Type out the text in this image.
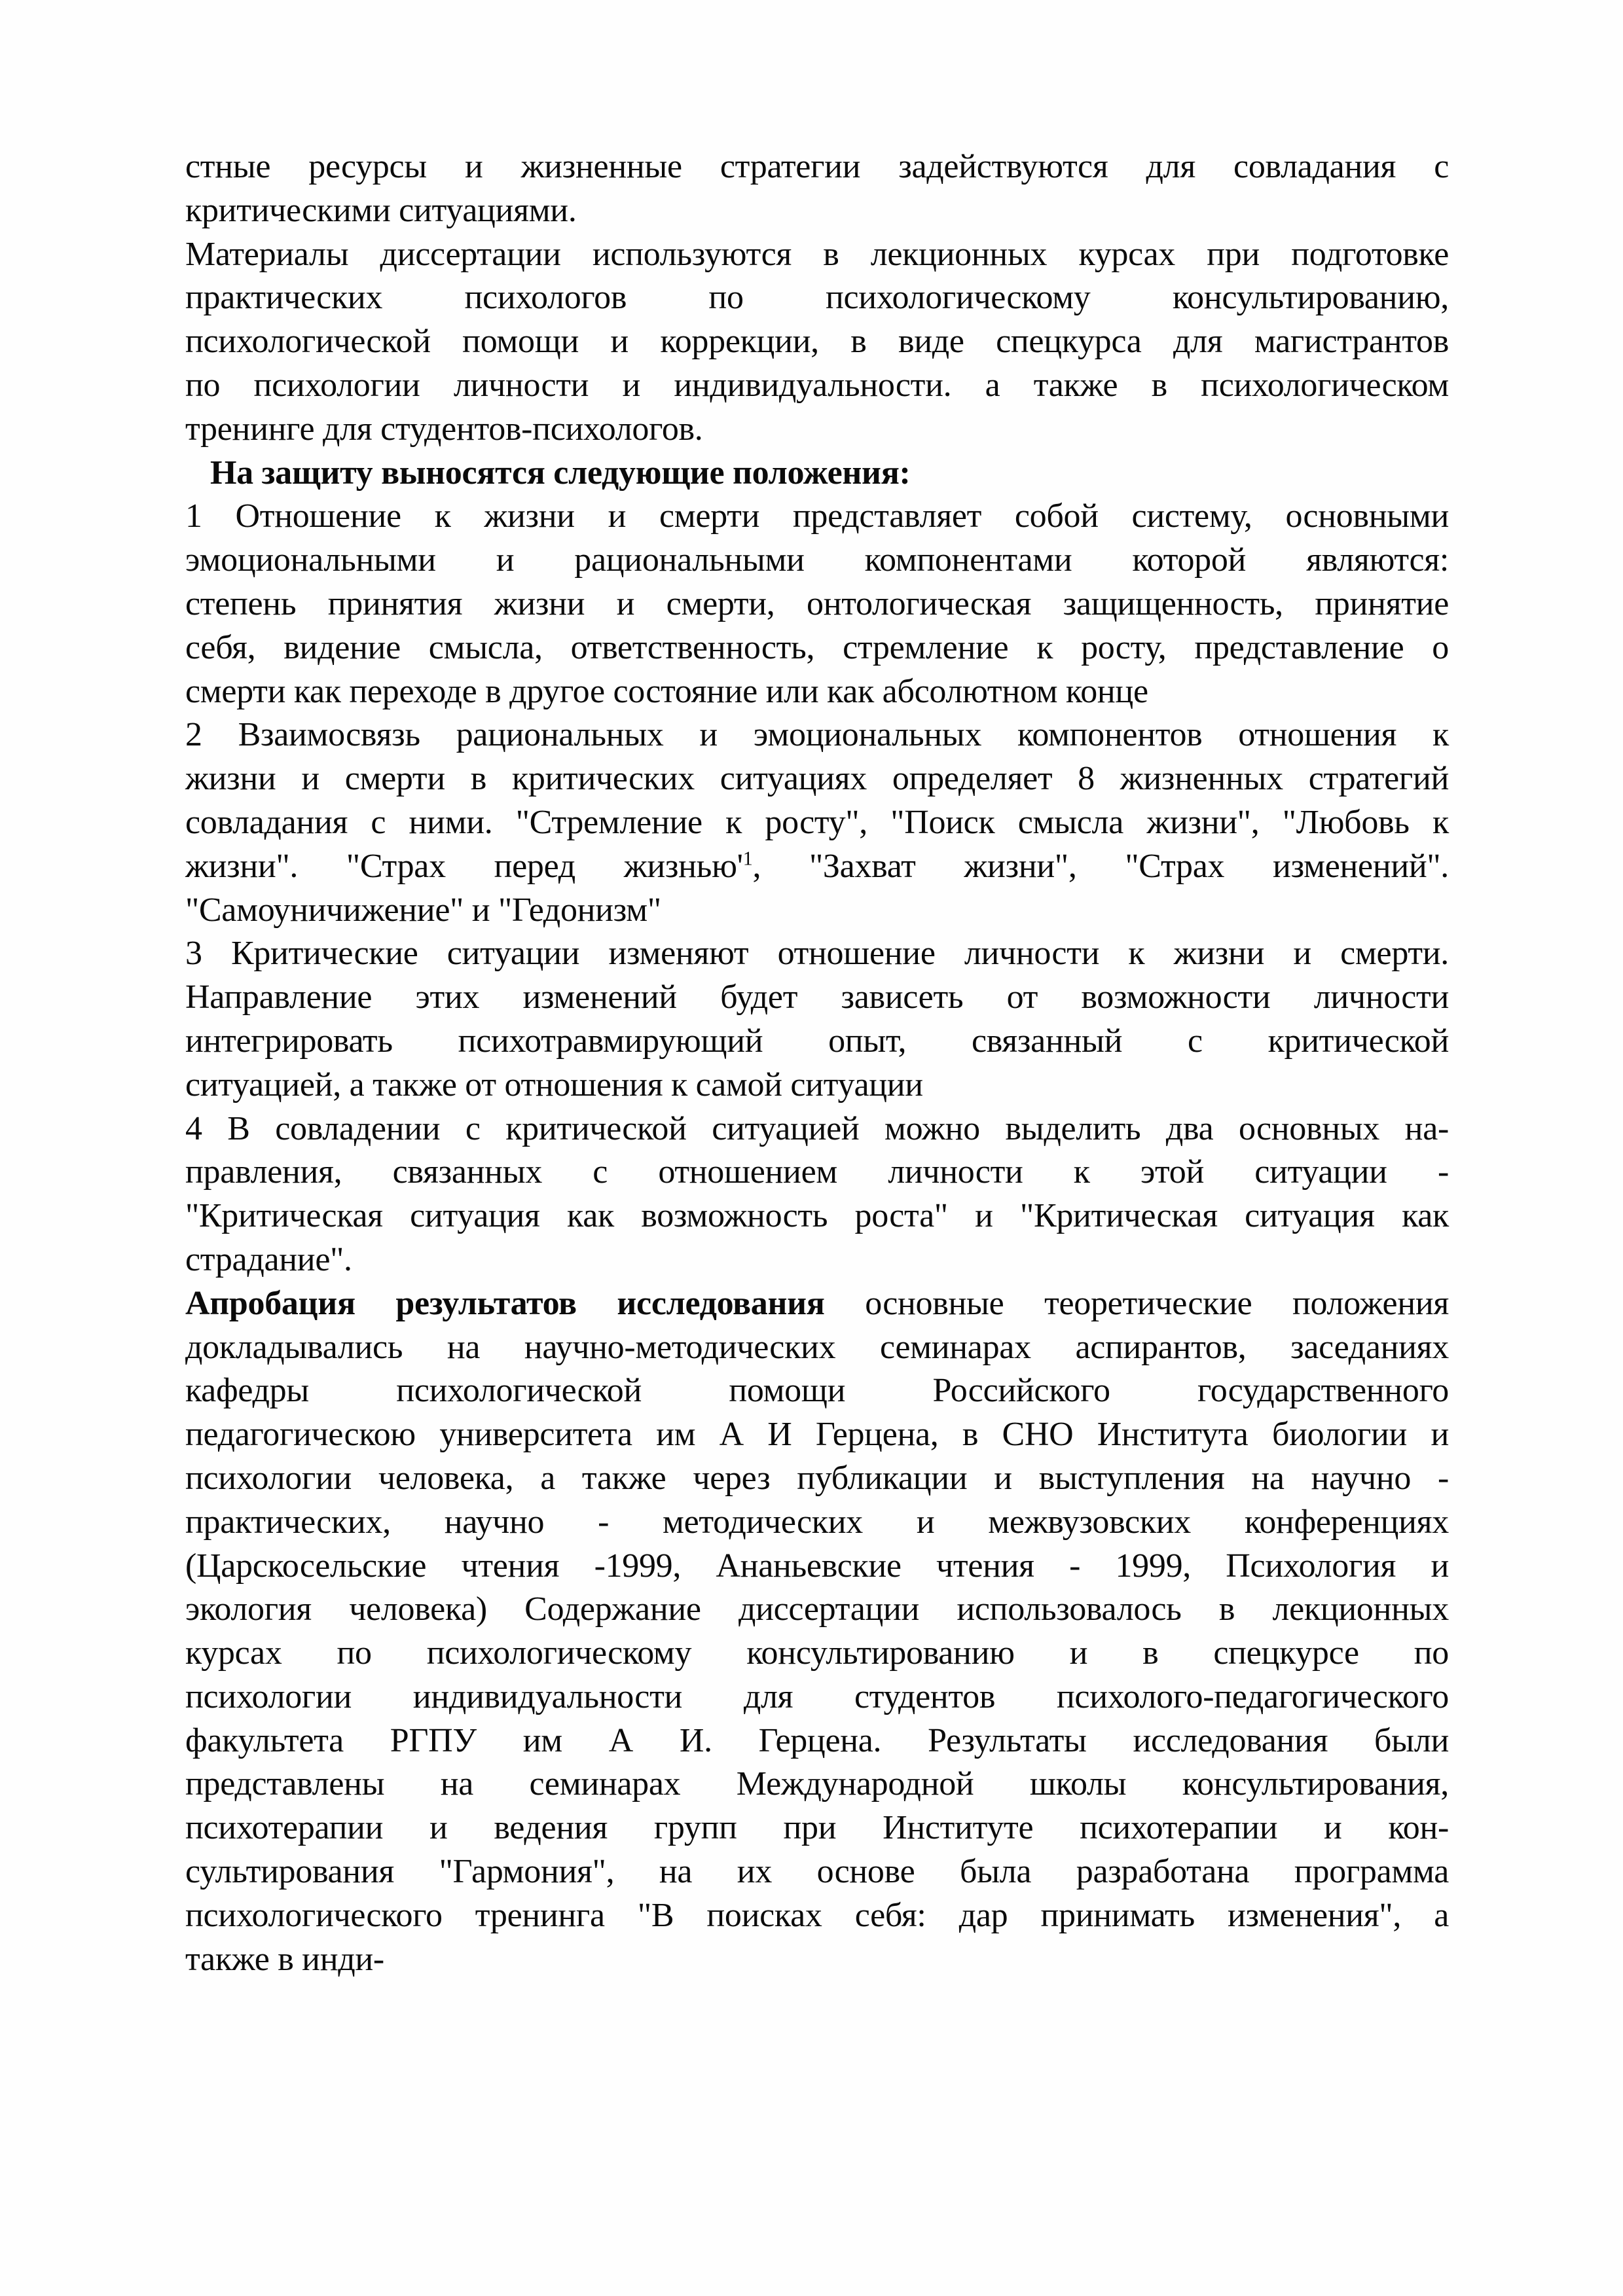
стные ресурсы и жизненные стратегии задействуются для совладания с
критическими ситуациями.
Материалы диссертации используются в лекционных курсах при подготовке
практических психологов по психологическому консультированию,
психологической помощи и коррекции, в виде спецкурса для магистрантов
по психологии личности и индивидуальности. а также в психологическом
тренинге для студентов-психологов.
На защиту выносятся следующие положения:
1 Отношение к жизни и смерти представляет собой систему, основными
эмоциональными и рациональными компонентами которой являются:
степень принятия жизни и смерти, онтологическая защищенность, принятие
себя, видение смысла, ответственность, стремление к росту, представление о
смерти как переходе в другое состояние или как абсолютном конце
2 Взаимосвязь рациональных и эмоциональных компонентов отношения к
жизни и смерти в критических ситуациях определяет 8 жизненных стратегий
совладания с ними. "Стремление к росту", "Поиск смысла жизни", "Любовь к
жизни". "Страх перед жизнью'$^1$, "Захват жизни", "Страх изменений".
"Самоуничижение" и "Гедонизм"
3 Критические ситуации изменяют отношение личности к жизни и смерти.
Направление этих изменений будет зависеть от возможности личности
интегрировать психотравмирующий опыт, связанный с критической
ситуацией, а также от отношения к самой ситуации
4 В совладении с критической ситуацией можно выделить два основных на-
правления, связанных с отношением личности к этой ситуации -
"Критическая ситуация как возможность роста" и "Критическая ситуация как
страдание".
Апробация результатов исследования основные теоретические положения
докладывались на научно-методических семинарах аспирантов, заседаниях
кафедры психологической помощи Российского государственного
педагогическою университета им А И Герцена, в СНО Института биологии и
психологии человека, а также через публикации и выступления на научно -
практических, научно - методических и межвузовских конференциях
(Царскосельские чтения -1999, Ананьевские чтения - 1999, Психология и
экология человека) Содержание диссертации использовалось в лекционных
курсах по психологическому консультированию и в спецкурсе по
психологии индивидуальности для студентов психолого-педагогического
факультета РГПУ им А И. Герцена. Результаты исследования были
представлены на семинарах Международной школы консультирования,
психотерапии и ведения групп при Институте психотерапии и кон-
сультирования "Гармония", на их основе была разработана программа
психологического тренинга "В поисках себя: дар принимать изменения", а
также в инди-
